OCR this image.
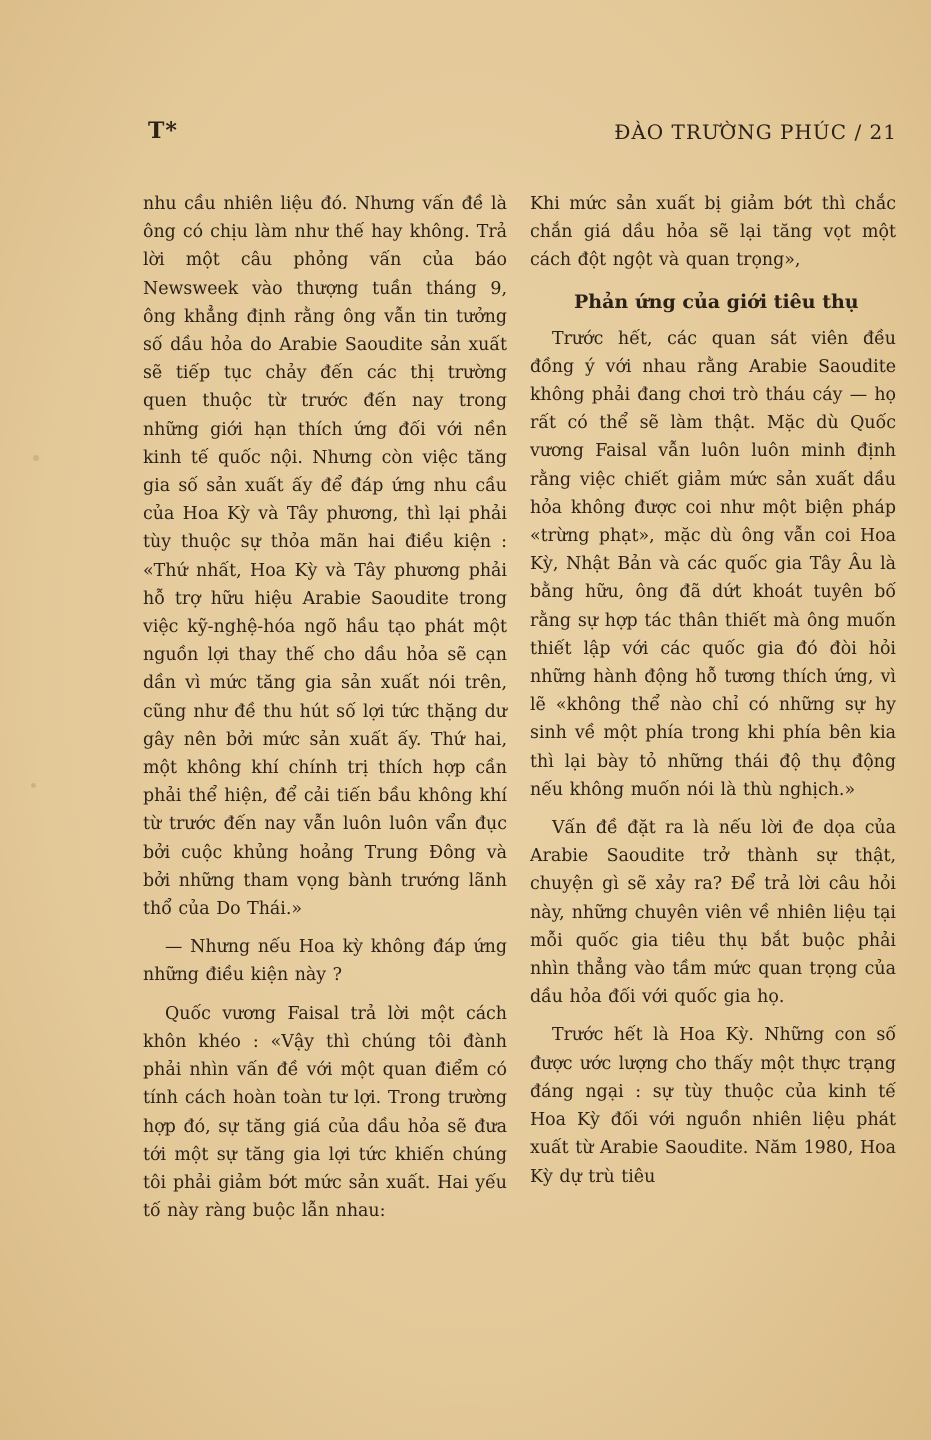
T*	ĐÀO TRƯỜNG PHÚC / 21

nhu cầu nhiên liệu đó. Nhưng vấn đề là ông có chịu làm như thế hay không. Trả lời một câu phỏng vấn của báo Newsweek vào thượng tuần tháng 9, ông khẳng định rằng ông vẫn tin tưởng số dầu hỏa do Arabie Saoudite sản xuất sẽ tiếp tục chảy đến các thị trường quen thuộc từ trước đến nay trong những giới hạn thích ứng đối với nền kinh tế quốc nội. Nhưng còn việc tăng gia số sản xuất ấy để đáp ứng nhu cầu của Hoa Kỳ và Tây phương, thì lại phải tùy thuộc sự thỏa mãn hai điều kiện : «Thứ nhất, Hoa Kỳ và Tây phương phải hỗ trợ hữu hiệu Arabie Saoudite trong việc kỹ-nghệ-hóa ngõ hầu tạo phát một nguồn lợi thay thế cho dầu hỏa sẽ cạn dần vì mức tăng gia sản xuất nói trên, cũng như đề thu hút số lợi tức thặng dư gây nên bởi mức sản xuất ấy. Thứ hai, một không khí chính trị thích hợp cần phải thể hiện, để cải tiến bầu không khí từ trước đến nay vẫn luôn luôn vẩn đục bởi cuộc khủng hoảng Trung Đông và bởi những tham vọng bành trướng lãnh thổ của Do Thái.»

— Nhưng nếu Hoa kỳ không đáp ứng những điều kiện này ?

Quốc vương Faisal trả lời một cách khôn khéo : «Vậy thì chúng tôi đành phải nhìn vấn đề với một quan điểm có tính cách hoàn toàn tư lợi. Trong trường hợp đó, sự tăng giá của dầu hỏa sẽ đưa tới một sự tăng gia lợi tức khiến chúng tôi phải giảm bớt mức sản xuất. Hai yếu tố này ràng buộc lẫn nhau:

Khi mức sản xuất bị giảm bớt thì chắc chắn giá dầu hỏa sẽ lại tăng vọt một cách đột ngột và quan trọng»,

Phản ứng của giới tiêu thụ

Trước hết, các quan sát viên đều đồng ý với nhau rằng Arabie Saoudite không phải đang chơi trò tháu cáy — họ rất có thể sẽ làm thật. Mặc dù Quốc vương Faisal vẫn luôn luôn minh định rằng việc chiết giảm mức sản xuất dầu hỏa không được coi như một biện pháp «trừng phạt», mặc dù ông vẫn coi Hoa Kỳ, Nhật Bản và các quốc gia Tây Âu là bằng hữu, ông đã dứt khoát tuyên bố rằng sự hợp tác thân thiết mà ông muốn thiết lập với các quốc gia đó đòi hỏi những hành động hỗ tương thích ứng, vì lẽ «không thể nào chỉ có những sự hy sinh về một phía trong khi phía bên kia thì lại bày tỏ những thái độ thụ động nếu không muốn nói là thù nghịch.»

Vấn đề đặt ra là nếu lời đe dọa của Arabie Saoudite trở thành sự thật, chuyện gì sẽ xảy ra? Để trả lời câu hỏi này, những chuyên viên về nhiên liệu tại mỗi quốc gia tiêu thụ bắt buộc phải nhìn thẳng vào tầm mức quan trọng của dầu hỏa đối với quốc gia họ.

Trước hết là Hoa Kỳ. Những con số được ước lượng cho thấy một thực trạng đáng ngại : sự tùy thuộc của kinh tế Hoa Kỳ đối với nguồn nhiên liệu phát xuất từ Arabie Saoudite. Năm 1980, Hoa Kỳ dự trù tiêu
